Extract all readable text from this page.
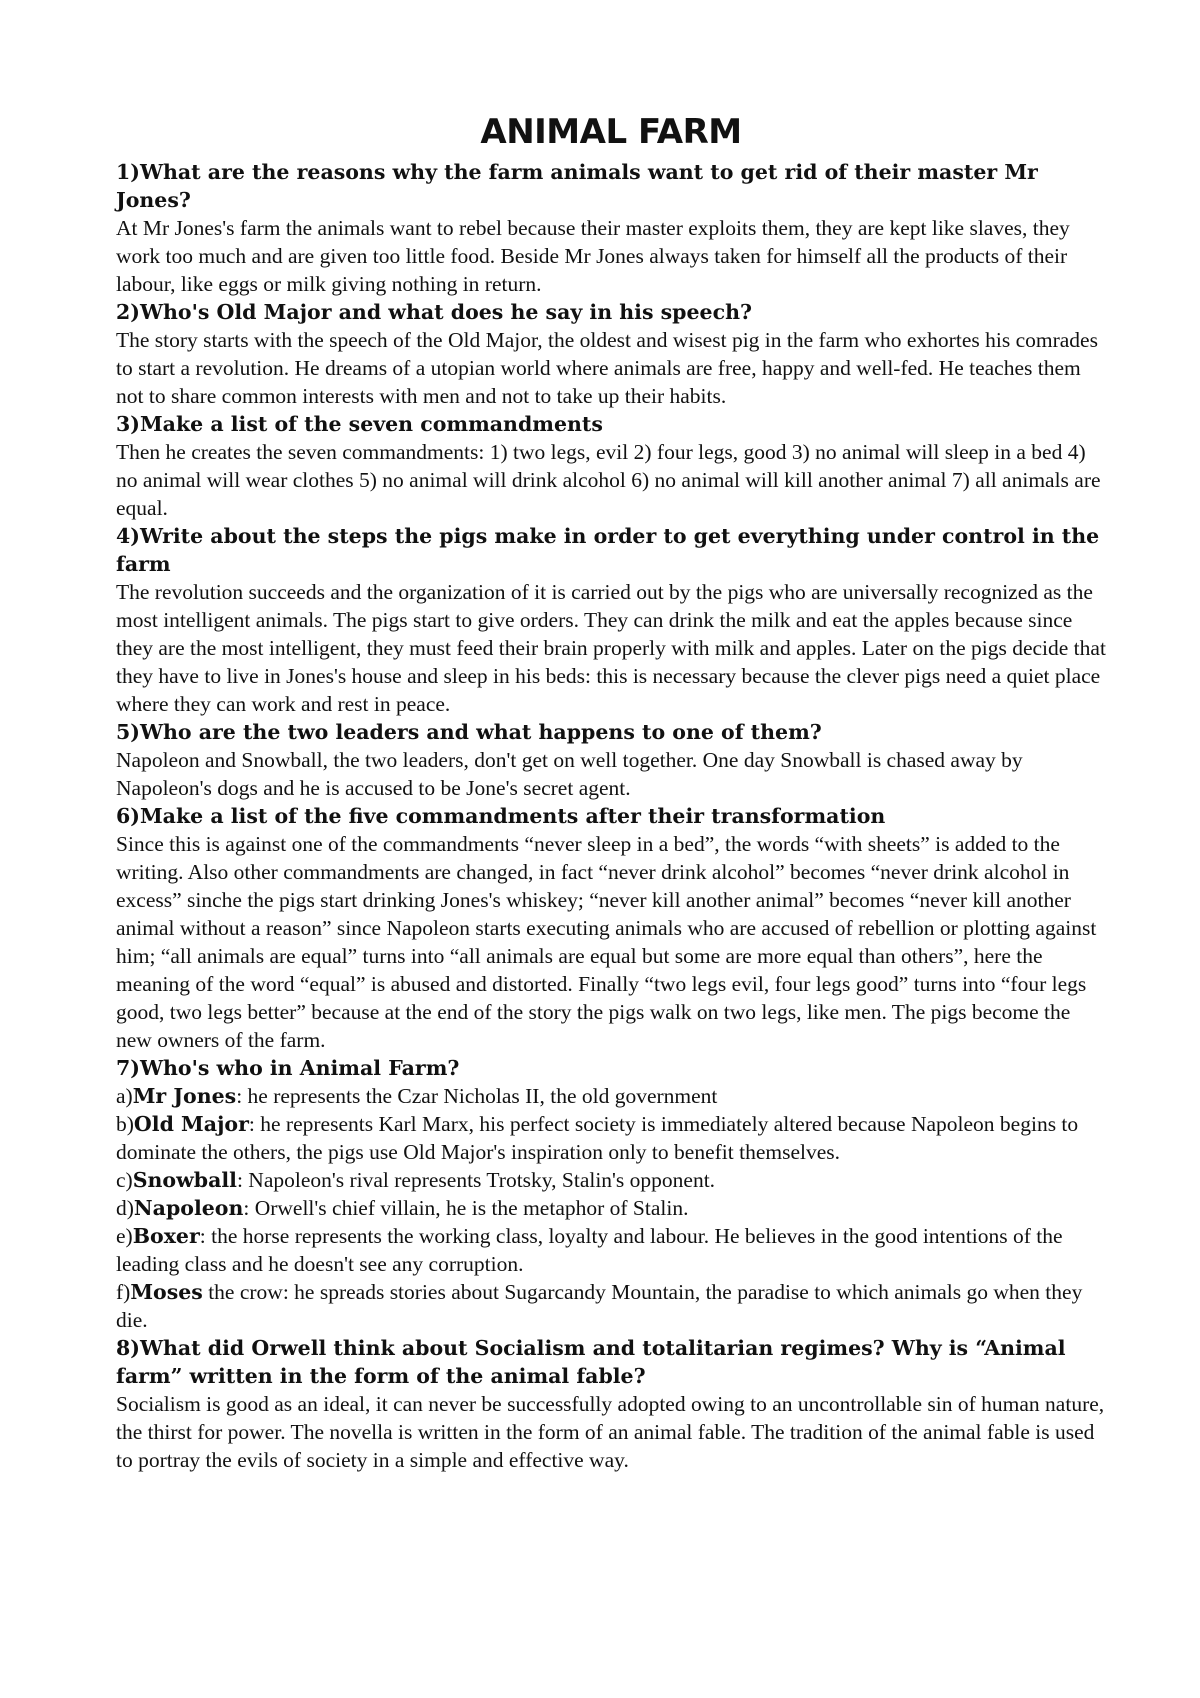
ANIMAL FARM

1)What are the reasons why the farm animals want to get rid of their master Mr Jones?

At Mr Jones's farm the animals want to rebel because their master exploits them, they are kept like slaves, they work too much and are given too little food. Beside Mr Jones always taken for himself all the products of their labour, like eggs or milk giving nothing in return.

2)Who's Old Major and what does he say in his speech?

The story starts with the speech of the Old Major, the oldest and wisest pig in the farm who exhortes his comrades to start a revolution. He dreams of a utopian world where animals are free, happy and well-fed. He teaches them not to share common interests with men and not to take up their habits.

3)Make a list of the seven commandments

Then he creates the seven commandments: 1) two legs, evil 2) four legs, good 3) no animal will sleep in a bed 4) no animal will wear clothes 5) no animal will drink alcohol 6) no animal will kill another animal 7) all animals are equal.

4)Write about the steps the pigs make in order to get everything under control in the farm

The revolution succeeds and the organization of it is carried out by the pigs who are universally recognized as the most intelligent animals. The pigs start to give orders. They can drink the milk and eat the apples because since they are the most intelligent, they must feed their brain properly with milk and apples. Later on the pigs decide that they have to live in Jones's house and sleep in his beds: this is necessary because the clever pigs need a quiet place where they can work and rest in peace.

5)Who are the two leaders and what happens to one of them?

Napoleon and Snowball, the two leaders, don't get on well together. One day Snowball is chased away by Napoleon's dogs and he is accused to be Jone's secret agent.

6)Make a list of the five commandments after their transformation

Since this is against one of the commandments “never sleep in a bed”, the words “with sheets” is added to the writing. Also other commandments are changed, in fact “never drink alcohol” becomes “never drink alcohol in excess” sinche the pigs start drinking Jones's whiskey; “never kill another animal” becomes “never kill another animal without a reason” since Napoleon starts executing animals who are accused of rebellion or plotting against him; “all animals are equal” turns into “all animals are equal but some are more equal than others”, here the meaning of the word “equal” is abused and distorted. Finally “two legs evil, four legs good” turns into “four legs good, two legs better” because at the end of the story the pigs walk on two legs, like men. The pigs become the new owners of the farm.

7)Who's who in Animal Farm?

a)Mr Jones: he represents the Czar Nicholas II, the old government

b)Old Major: he represents Karl Marx, his perfect society is immediately altered because Napoleon begins to dominate the others, the pigs use Old Major's inspiration only to benefit themselves.

c)Snowball: Napoleon's rival represents Trotsky, Stalin's opponent.

d)Napoleon: Orwell's chief villain, he is the metaphor of Stalin.

e)Boxer: the horse represents the working class, loyalty and labour. He believes in the good intentions of the leading class and he doesn't see any corruption.

f)Moses the crow: he spreads stories about Sugarcandy Mountain, the paradise to which animals go when they die.

8)What did Orwell think about Socialism and totalitarian regimes? Why is “Animal farm” written in the form of the animal fable?

Socialism is good as an ideal, it can never be successfully adopted owing to an uncontrollable sin of human nature, the thirst for power. The novella is written in the form of an animal fable. The tradition of the animal fable is used to portray the evils of society in a simple and effective way.
